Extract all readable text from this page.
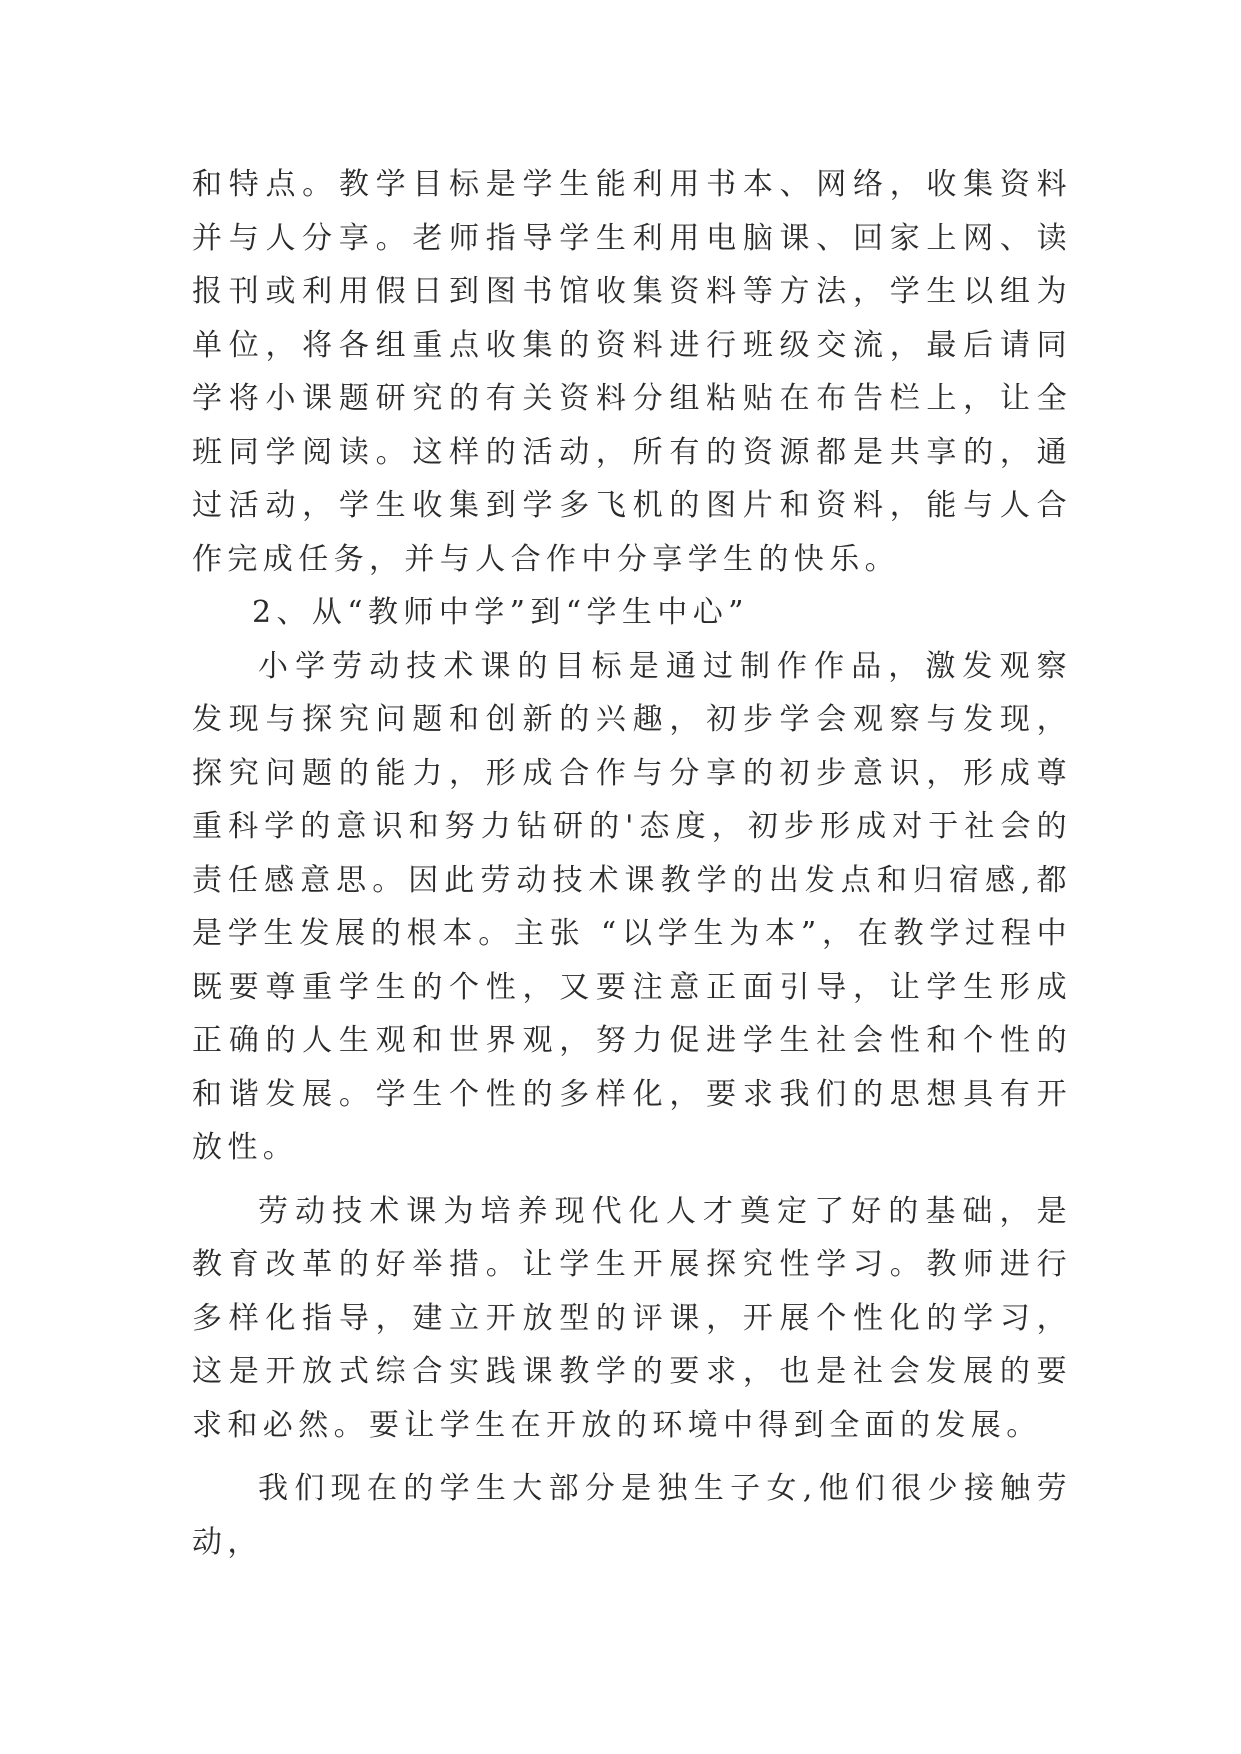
和特点。教学目标是学生能利用书本、网络，收集资料并与人分享。老师指导学生利用电脑课、回家上网、读报刊或利用假日到图书馆收集资料等方法，学生以组为单位，将各组重点收集的资料进行班级交流，最后请同学将小课题研究的有关资料分组粘贴在布告栏上，让全班同学阅读。这样的活动，所有的资源都是共享的，通过活动，学生收集到学多飞机的图片和资料，能与人合作完成任务，并与人合作中分享学生的快乐。

2、从“教师中学”到“学生中心”

小学劳动技术课的目标是通过制作作品，激发观察发现与探究问题和创新的兴趣，初步学会观察与发现，探究问题的能力，形成合作与分享的初步意识，形成尊重科学的意识和努力钻研的'态度，初步形成对于社会的责任感意思。因此劳动技术课教学的出发点和归宿感,都是学生发展的根本。主张 “以学生为本”，在教学过程中既要尊重学生的个性，又要注意正面引导，让学生形成正确的人生观和世界观，努力促进学生社会性和个性的和谐发展。学生个性的多样化，要求我们的思想具有开放性。

劳动技术课为培养现代化人才奠定了好的基础，是教育改革的好举措。让学生开展探究性学习。教师进行多样化指导，建立开放型的评课，开展个性化的学习，这是开放式综合实践课教学的要求，也是社会发展的要求和必然。要让学生在开放的环境中得到全面的发展。

我们现在的学生大部分是独生子女,他们很少接触劳动，
